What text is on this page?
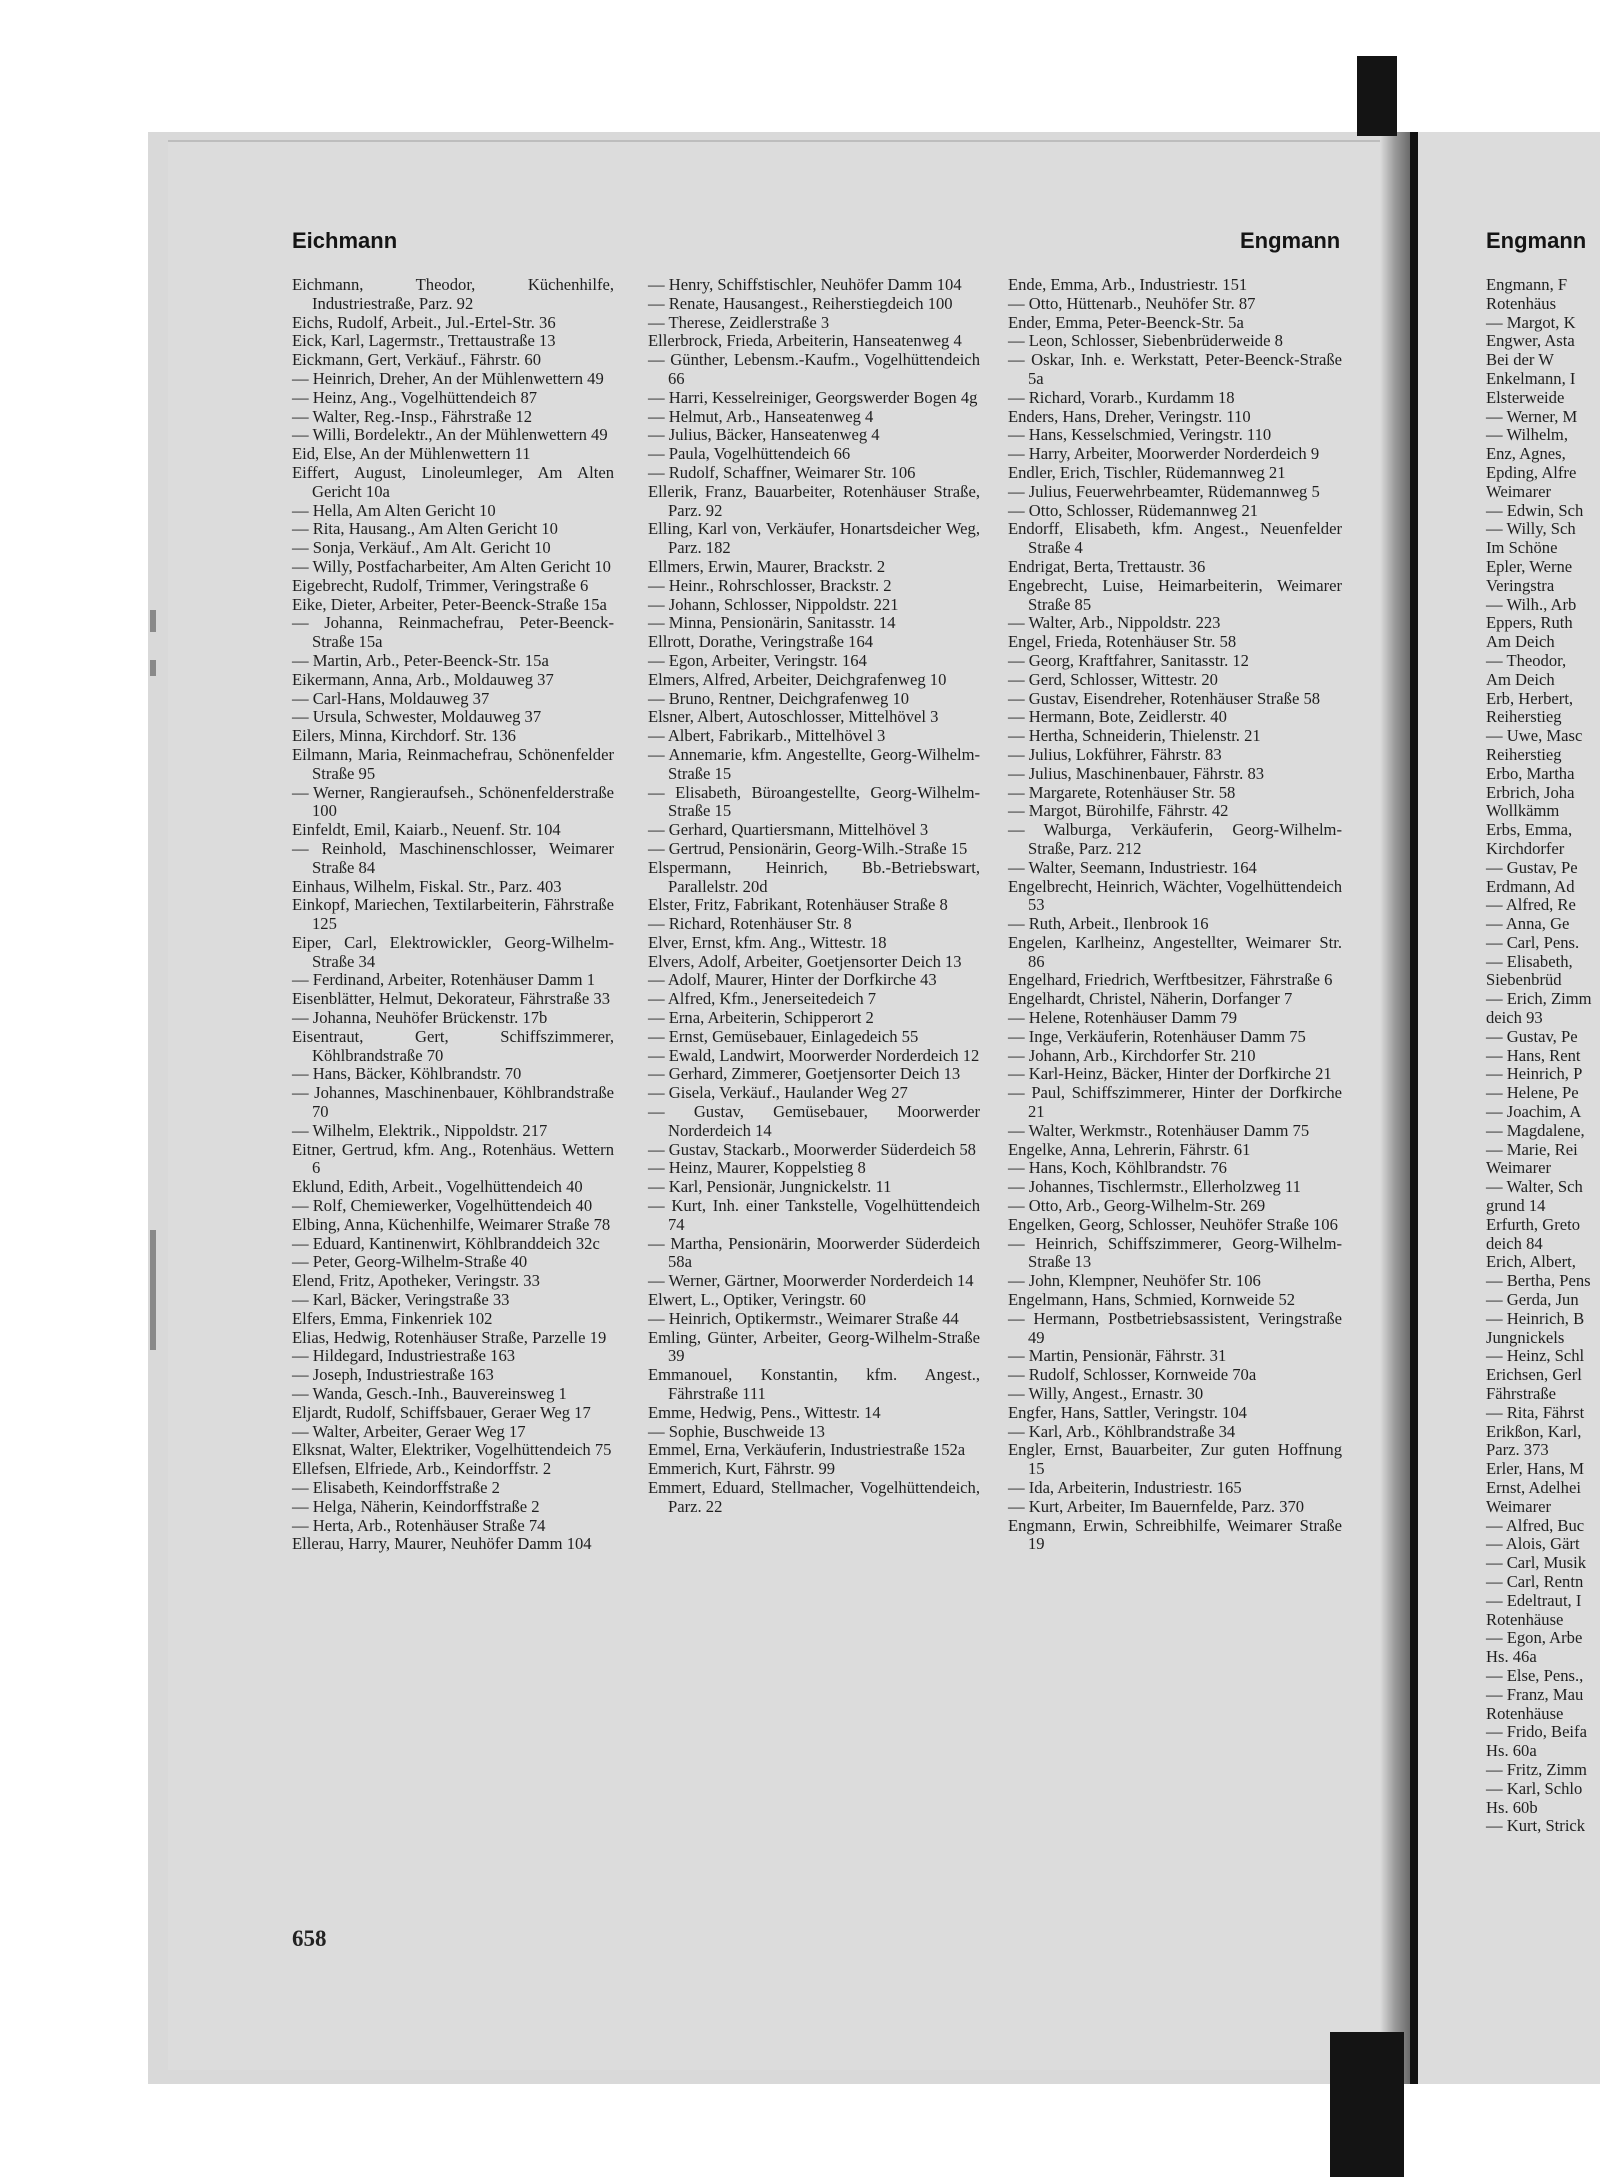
Eichmann	Engmann	Engmann

Eichmann, Theodor, Küchenhilfe, Industriestraße, Parz. 92

Eichs, Rudolf, Arbeit., Jul.-Ertel-Str. 36

Eick, Karl, Lagermstr., Trettaustraße 13

Eickmann, Gert, Verkäuf., Fährstr. 60

— Heinrich, Dreher, An der Mühlenwettern 49

— Heinz, Ang., Vogelhüttendeich 87

— Walter, Reg.-Insp., Fährstraße 12

— Willi, Bordelektr., An der Mühlenwettern 49

Eid, Else, An der Mühlenwettern 11

Eiffert, August, Linoleumleger, Am Alten Gericht 10a

— Hella, Am Alten Gericht 10

— Rita, Hausang., Am Alten Gericht 10

— Sonja, Verkäuf., Am Alt. Gericht 10

— Willy, Postfacharbeiter, Am Alten Gericht 10

Eigebrecht, Rudolf, Trimmer, Veringstraße 6

Eike, Dieter, Arbeiter, Peter-Beenck-Straße 15a

— Johanna, Reinmachefrau, Peter-Beenck-Straße 15a

— Martin, Arb., Peter-Beenck-Str. 15a

Eikermann, Anna, Arb., Moldauweg 37

— Carl-Hans, Moldauweg 37

— Ursula, Schwester, Moldauweg 37

Eilers, Minna, Kirchdorf. Str. 136

Eilmann, Maria, Reinmachefrau, Schönenfelder Straße 95

— Werner, Rangieraufseh., Schönenfelderstraße 100

Einfeldt, Emil, Kaiarb., Neuenf. Str. 104

— Reinhold, Maschinenschlosser, Weimarer Straße 84

Einhaus, Wilhelm, Fiskal. Str., Parz. 403

Einkopf, Mariechen, Textilarbeiterin, Fährstraße 125

Eiper, Carl, Elektrowickler, Georg-Wilhelm-Straße 34

— Ferdinand, Arbeiter, Rotenhäuser Damm 1

Eisenblätter, Helmut, Dekorateur, Fährstraße 33

— Johanna, Neuhöfer Brückenstr. 17b

Eisentraut, Gert, Schiffszimmerer, Köhlbrandstraße 70

— Hans, Bäcker, Köhlbrandstr. 70

— Johannes, Maschinenbauer, Köhlbrandstraße 70

— Wilhelm, Elektrik., Nippoldstr. 217

Eitner, Gertrud, kfm. Ang., Rotenhäus. Wettern 6

Eklund, Edith, Arbeit., Vogelhüttendeich 40

— Rolf, Chemiewerker, Vogelhüttendeich 40

Elbing, Anna, Küchenhilfe, Weimarer Straße 78

— Eduard, Kantinenwirt, Köhlbranddeich 32c

— Peter, Georg-Wilhelm-Straße 40

Elend, Fritz, Apotheker, Veringstr. 33

— Karl, Bäcker, Veringstraße 33

Elfers, Emma, Finkenriek 102

Elias, Hedwig, Rotenhäuser Straße, Parzelle 19

— Hildegard, Industriestraße 163

— Joseph, Industriestraße 163

— Wanda, Gesch.-Inh., Bauvereinsweg 1

Eljardt, Rudolf, Schiffsbauer, Geraer Weg 17

— Walter, Arbeiter, Geraer Weg 17

Elksnat, Walter, Elektriker, Vogelhüttendeich 75

Ellefsen, Elfriede, Arb., Keindorffstr. 2

— Elisabeth, Keindorffstraße 2

— Helga, Näherin, Keindorffstraße 2

— Herta, Arb., Rotenhäuser Straße 74

Ellerau, Harry, Maurer, Neuhöfer Damm 104

— Henry, Schiffstischler, Neuhöfer Damm 104

— Renate, Hausangest., Reiherstiegdeich 100

— Therese, Zeidlerstraße 3

Ellerbrock, Frieda, Arbeiterin, Hanseatenweg 4

— Günther, Lebensm.-Kaufm., Vogelhüttendeich 66

— Harri, Kesselreiniger, Georgswerder Bogen 4g

— Helmut, Arb., Hanseatenweg 4

— Julius, Bäcker, Hanseatenweg 4

— Paula, Vogelhüttendeich 66

— Rudolf, Schaffner, Weimarer Str. 106

Ellerik, Franz, Bauarbeiter, Rotenhäuser Straße, Parz. 92

Elling, Karl von, Verkäufer, Honartsdeicher Weg, Parz. 182

Ellmers, Erwin, Maurer, Brackstr. 2

— Heinr., Rohrschlosser, Brackstr. 2

— Johann, Schlosser, Nippoldstr. 221

— Minna, Pensionärin, Sanitasstr. 14

Ellrott, Dorathe, Veringstraße 164

— Egon, Arbeiter, Veringstr. 164

Elmers, Alfred, Arbeiter, Deichgrafenweg 10

— Bruno, Rentner, Deichgrafenweg 10

Elsner, Albert, Autoschlosser, Mittelhövel 3

— Albert, Fabrikarb., Mittelhövel 3

— Annemarie, kfm. Angestellte, Georg-Wilhelm-Straße 15

— Elisabeth, Büroangestellte, Georg-Wilhelm-Straße 15

— Gerhard, Quartiersmann, Mittelhövel 3

— Gertrud, Pensionärin, Georg-Wilh.-Straße 15

Elspermann, Heinrich, Bb.-Betriebswart, Parallelstr. 20d

Elster, Fritz, Fabrikant, Rotenhäuser Straße 8

— Richard, Rotenhäuser Str. 8

Elver, Ernst, kfm. Ang., Wittestr. 18

Elvers, Adolf, Arbeiter, Goetjensorter Deich 13

— Adolf, Maurer, Hinter der Dorfkirche 43

— Alfred, Kfm., Jenerseitedeich 7

— Erna, Arbeiterin, Schipperort 2

— Ernst, Gemüsebauer, Einlagedeich 55

— Ewald, Landwirt, Moorwerder Norderdeich 12

— Gerhard, Zimmerer, Goetjensorter Deich 13

— Gisela, Verkäuf., Haulander Weg 27

— Gustav, Gemüsebauer, Moorwerder Norderdeich 14

— Gustav, Stackarb., Moorwerder Süderdeich 58

— Heinz, Maurer, Koppelstieg 8

— Karl, Pensionär, Jungnickelstr. 11

— Kurt, Inh. einer Tankstelle, Vogelhüttendeich 74

— Martha, Pensionärin, Moorwerder Süderdeich 58a

— Werner, Gärtner, Moorwerder Norderdeich 14

Elwert, L., Optiker, Veringstr. 60

— Heinrich, Optikermstr., Weimarer Straße 44

Emling, Günter, Arbeiter, Georg-Wilhelm-Straße 39

Emmanouel, Konstantin, kfm. Angest., Fährstraße 111

Emme, Hedwig, Pens., Wittestr. 14

— Sophie, Buschweide 13

Emmel, Erna, Verkäuferin, Industriestraße 152a

Emmerich, Kurt, Fährstr. 99

Emmert, Eduard, Stellmacher, Vogelhüttendeich, Parz. 22

Ende, Emma, Arb., Industriestr. 151

— Otto, Hüttenarb., Neuhöfer Str. 87

Ender, Emma, Peter-Beenck-Str. 5a

— Leon, Schlosser, Siebenbrüderweide 8

— Oskar, Inh. e. Werkstatt, Peter-Beenck-Straße 5a

— Richard, Vorarb., Kurdamm 18

Enders, Hans, Dreher, Veringstr. 110

— Hans, Kesselschmied, Veringstr. 110

— Harry, Arbeiter, Moorwerder Norderdeich 9

Endler, Erich, Tischler, Rüdemannweg 21

— Julius, Feuerwehrbeamter, Rüdemannweg 5

— Otto, Schlosser, Rüdemannweg 21

Endorff, Elisabeth, kfm. Angest., Neuenfelder Straße 4

Endrigat, Berta, Trettaustr. 36

Engebrecht, Luise, Heimarbeiterin, Weimarer Straße 85

— Walter, Arb., Nippoldstr. 223

Engel, Frieda, Rotenhäuser Str. 58

— Georg, Kraftfahrer, Sanitasstr. 12

— Gerd, Schlosser, Wittestr. 20

— Gustav, Eisendreher, Rotenhäuser Straße 58

— Hermann, Bote, Zeidlerstr. 40

— Hertha, Schneiderin, Thielenstr. 21

— Julius, Lokführer, Fährstr. 83

— Julius, Maschinenbauer, Fährstr. 83

— Margarete, Rotenhäuser Str. 58

— Margot, Bürohilfe, Fährstr. 42

— Walburga, Verkäuferin, Georg-Wilhelm-Straße, Parz. 212

— Walter, Seemann, Industriestr. 164

Engelbrecht, Heinrich, Wächter, Vogelhüttendeich 53

— Ruth, Arbeit., Ilenbrook 16

Engelen, Karlheinz, Angestellter, Weimarer Str. 86

Engelhard, Friedrich, Werftbesitzer, Fährstraße 6

Engelhardt, Christel, Näherin, Dorfanger 7

— Helene, Rotenhäuser Damm 79

— Inge, Verkäuferin, Rotenhäuser Damm 75

— Johann, Arb., Kirchdorfer Str. 210

— Karl-Heinz, Bäcker, Hinter der Dorfkirche 21

— Paul, Schiffszimmerer, Hinter der Dorfkirche 21

— Walter, Werkmstr., Rotenhäuser Damm 75

Engelke, Anna, Lehrerin, Fährstr. 61

— Hans, Koch, Köhlbrandstr. 76

— Johannes, Tischlermstr., Ellerholzweg 11

— Otto, Arb., Georg-Wilhelm-Str. 269

Engelken, Georg, Schlosser, Neuhöfer Straße 106

— Heinrich, Schiffszimmerer, Georg-Wilhelm-Straße 13

— John, Klempner, Neuhöfer Str. 106

Engelmann, Hans, Schmied, Kornweide 52

— Hermann, Postbetriebsassistent, Veringstraße 49

— Martin, Pensionär, Fährstr. 31

— Rudolf, Schlosser, Kornweide 70a

— Willy, Angest., Ernastr. 30

Engfer, Hans, Sattler, Veringstr. 104

— Karl, Arb., Köhlbrandstraße 34

Engler, Ernst, Bauarbeiter, Zur guten Hoffnung 15

— Ida, Arbeiterin, Industriestr. 165

— Kurt, Arbeiter, Im Bauernfelde, Parz. 370

Engmann, Erwin, Schreibhilfe, Weimarer Straße 19

Engmann, F

Rotenhäus

— Margot, K

Engwer, Asta

Bei der W

Enkelmann, I

Elsterweide

— Werner, M

— Wilhelm,

Enz, Agnes,

Epding, Alfre

Weimarer

— Edwin, Sch

— Willy, Sch

Im Schöne

Epler, Werne

Veringstra

— Wilh., Arb

Eppers, Ruth

Am Deich

— Theodor,

Am Deich

Erb, Herbert,

Reiherstieg

— Uwe, Masc

Reiherstieg

Erbo, Martha

Erbrich, Joha

Wollkämm

Erbs, Emma,

Kirchdorfer

— Gustav, Pe

Erdmann, Ad

— Alfred, Re

— Anna, Ge

— Carl, Pens.

— Elisabeth,

Siebenbrüd

— Erich, Zimm

deich 93

— Gustav, Pe

— Hans, Rent

— Heinrich, P

— Helene, Pe

— Joachim, A

— Magdalene,

— Marie, Rei

Weimarer

— Walter, Sch

grund 14

Erfurth, Greto

deich 84

Erich, Albert,

— Bertha, Pens

— Gerda, Jun

— Heinrich, B

Jungnickels

— Heinz, Schl

Erichsen, Gerl

Fährstraße

— Rita, Fährst

Erikßon, Karl,

Parz. 373

Erler, Hans, M

Ernst, Adelhei

Weimarer

— Alfred, Buc

— Alois, Gärt

— Carl, Musik

— Carl, Rentn

— Edeltraut, I

Rotenhäuse

— Egon, Arbe

Hs. 46a

— Else, Pens.,

— Franz, Mau

Rotenhäuse

— Frido, Beifa

Hs. 60a

— Fritz, Zimm

— Karl, Schlo

Hs. 60b

— Kurt, Strick

658
